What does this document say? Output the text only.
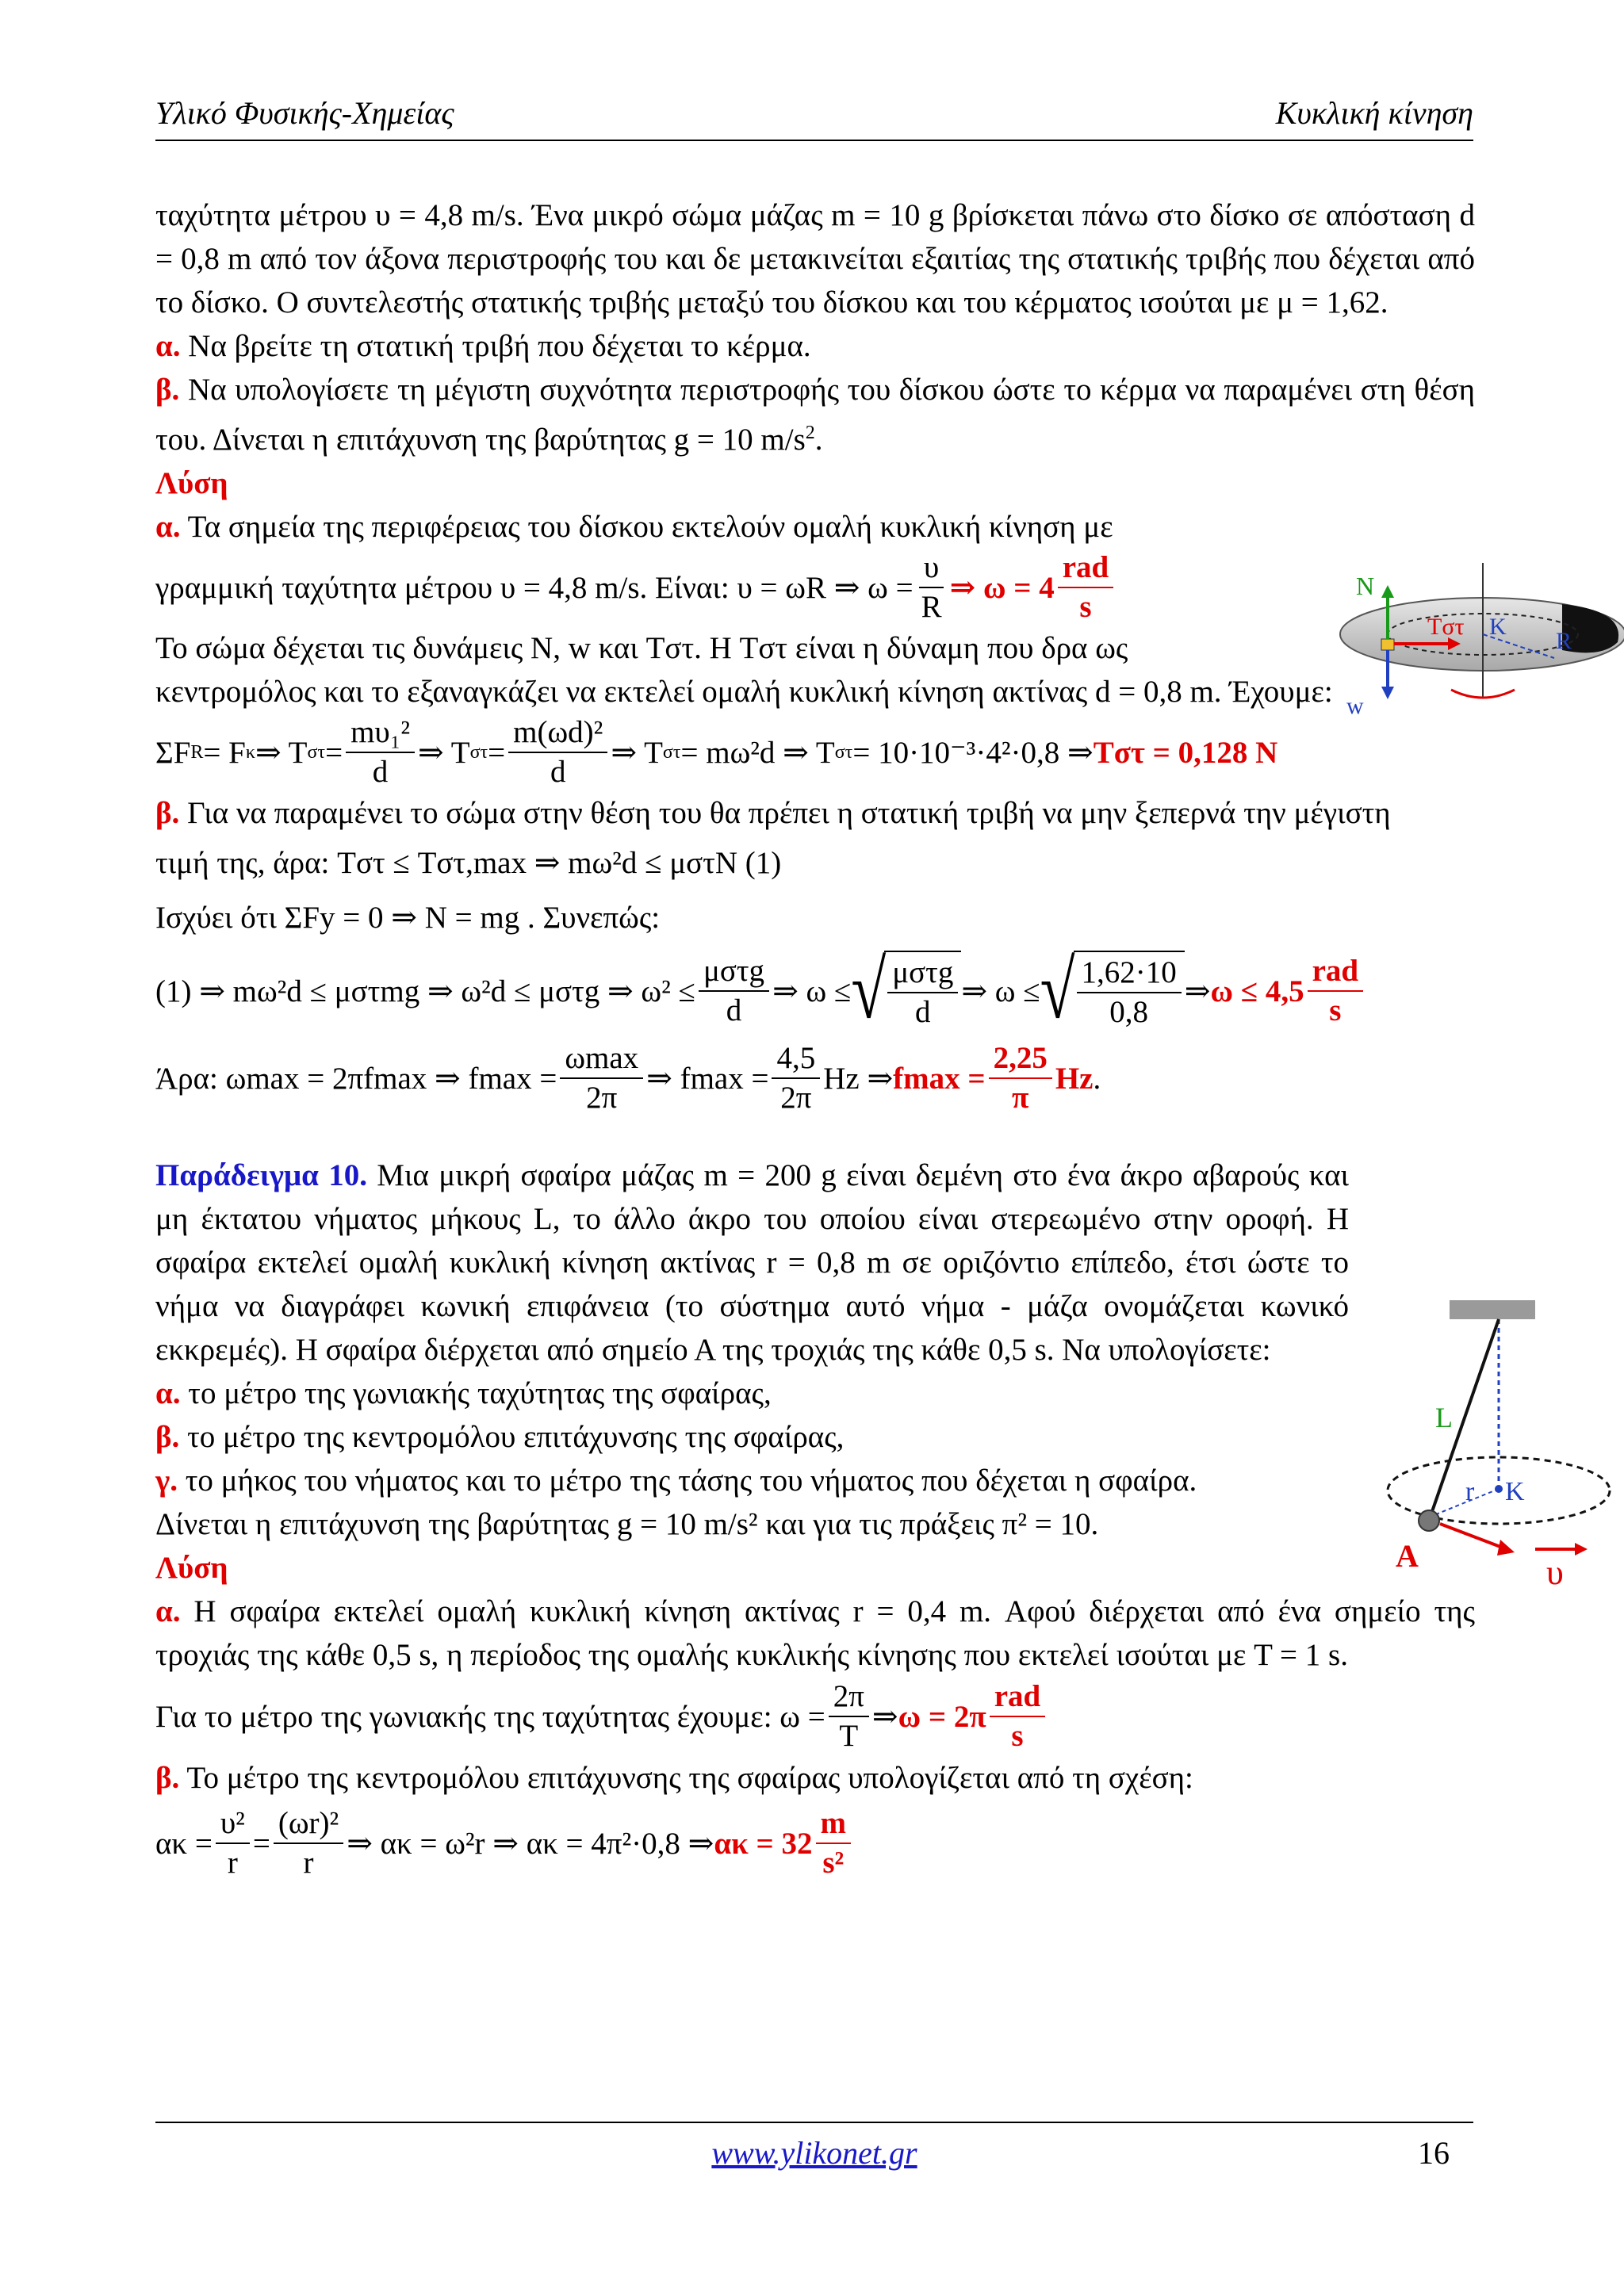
Υλικό Φυσικής-Χημείας	Κυκλική κίνηση

ταχύτητα μέτρου υ = 4,8 m/s. Ένα μικρό σώμα μάζας m = 10 g βρίσκεται πάνω στο δίσκο σε απόσταση d = 0,8 m από τον άξονα περιστροφής του και δε μετακινείται εξαιτίας της στατικής τριβής που δέχεται από το δίσκο. Ο συντελεστής στατικής τριβής μεταξύ του δίσκου και του κέρματος ισούται με μ = 1,62.

α. Να βρείτε τη στατική τριβή που δέχεται το κέρμα.

β. Να υπολογίσετε τη μέγιστη συχνότητα περιστροφής του δίσκου ώστε το κέρμα να παραμένει στη θέση του. Δίνεται η επιτάχυνση της βαρύτητας g = 10 $m/s^2$.

Λύση

α. Τα σημεία της περιφέρειας του δίσκου εκτελούν ομαλή κυκλική κίνηση με

γραμμική ταχύτητα μέτρου υ = 4,8 m/s. Είναι: υ = ωR ⇒ $\omega = \frac{\upsilon}{R}$ ⇒ ω = 4
rad
s

Το σώμα δέχεται τις δυνάμεις N, w και Tστ. Η Tστ είναι η δύναμη που δρα ως

κεντρομόλος και το εξαναγκάζει να εκτελεί ομαλή κυκλική κίνηση ακτίνας d = 0,8 m. Έχουμε:

ΣF R = F κ ⇒ T $\sigma\tau = \frac{\text{mυ₁²}}{d}$ ⇒ T $\sigma\tau = \frac{\text{m(ωd)²}}{d}$ ⇒ T στ = mω²d ⇒ T στ = 10·10⁻³·4²·0,8 ⇒ Tστ = 0,128 N

β. Για να παραμένει το σώμα στην θέση του θα πρέπει η στατική τριβή να μην ξεπερνά την μέγιστη

τιμή της, άρα: Tστ ≤ Tστ,max ⇒ mω²d ≤ μστN (1)

Ισχύει ότι ΣFy = 0 ⇒ N = mg . Συνεπώς:

(1) ⇒ mω²d ≤ μστmg ⇒ ω²d ≤ μστg ⇒ ω² ≤
μστg
d
⇒ ω ≤ √ μστg
d
⇒ ω ≤ √ $\frac{1,62\cdot 10}{0,8}$ ⇒ ω ≤ 4,5
rad
s
Άρα: ωmax = 2πfmax ⇒ fmax =
ωmax
2π
⇒ $fmax = \frac{4,5}{2\pi}$ Hz ⇒ $fmax = \frac{2,25}{\pi}$ Hz .

Παράδειγμα 10. Μια μικρή σφαίρα μάζας m = 200 g είναι δεμένη στο ένα άκρο αβαρούς και μη έκτατου νήματος μήκους L, το άλλο άκρο του οποίου είναι στερεωμένο στην οροφή. Η σφαίρα εκτελεί ομαλή κυκλική κίνηση ακτίνας r = 0,8 m σε οριζόντιο επίπεδο, έτσι ώστε το νήμα να διαγράφει κωνική επιφάνεια (το σύστημα αυτό νήμα - μάζα ονομάζεται κωνικό εκκρεμές). Η σφαίρα διέρχεται από σημείο Α της τροχιάς της κάθε 0,5 s. Να υπολογίσετε:

α. το μέτρο της γωνιακής ταχύτητας της σφαίρας,

β. το μέτρο της κεντρομόλου επιτάχυνσης της σφαίρας,

γ. το μήκος του νήματος και το μέτρο της τάσης του νήματος που δέχεται η σφαίρα.

Δίνεται η επιτάχυνση της βαρύτητας g = 10 m/s² και για τις πράξεις π² = 10.

Λύση

α. Η σφαίρα εκτελεί ομαλή κυκλική κίνηση ακτίνας r = 0,4 m. Αφού διέρχεται από ένα σημείο της τροχιάς της κάθε 0,5 s, η περίοδος της ομαλής κυκλικής κίνησης που εκτελεί ισούται με T = 1 s.

Για το μέτρο της γωνιακής της ταχύτητας έχουμε: $\omega = \frac{2\pi}{T}$ ⇒ ω = 2π
rad
s

β. Το μέτρο της κεντρομόλου επιτάχυνσης της σφαίρας υπολογίζεται από τη σχέση:

$\alpha\kappa = \frac{\text{υ²}}{r} = \frac{\text{(ωr)²}}{r}$ ⇒ ακ = ω²r ⇒ ακ = 4π²·0,8 ⇒ $\alpha\kappa = 32 \frac{m}{\text{s²}}$
N
Tστ K
R
w
L
r K
A	υ
www.ylikonet.gr	16
